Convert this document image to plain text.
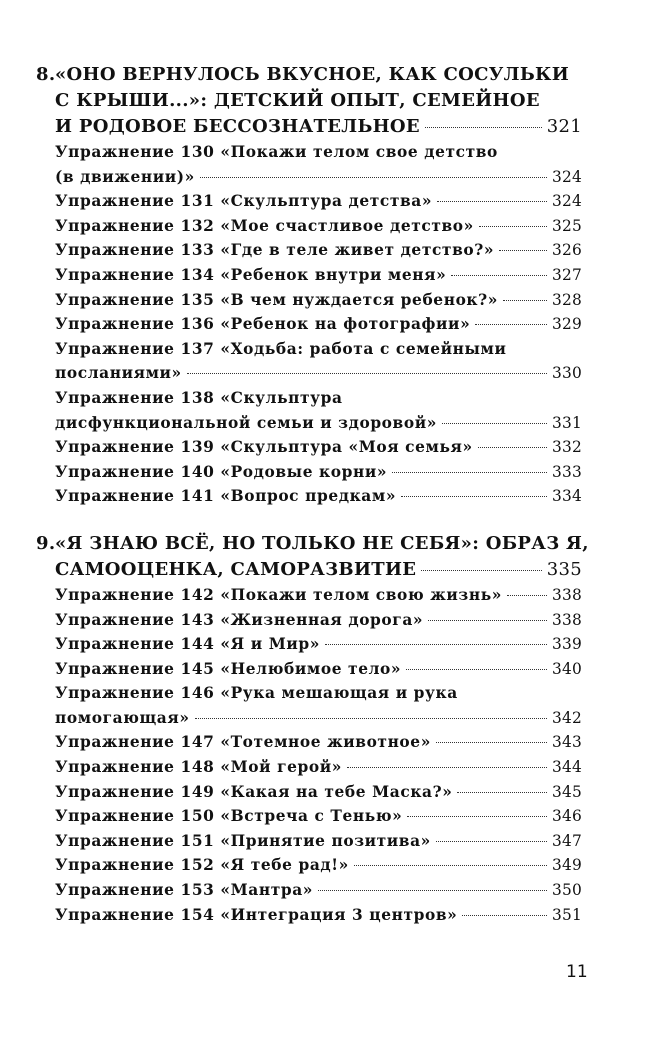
8.«ОНО ВЕРНУЛОСЬ ВКУСНОЕ, КАК СОСУЛЬКИ
С КРЫШИ...»: ДЕТСКИЙ ОПЫТ, СЕМЕЙНОЕ
И РОДОВОЕ БЕССОЗНАТЕЛЬНОЕ	321
Упражнение 130 «Покажи телом свое детство
(в движении)»	324
Упражнение 131 «Скульптура детства»	324
Упражнение 132 «Мое счастливое детство»	325
Упражнение 133 «Где в теле живет детство?»	326
Упражнение 134 «Ребенок внутри меня»	327
Упражнение 135 «В чем нуждается ребенок?»	328
Упражнение 136 «Ребенок на фотографии»	329
Упражнение 137 «Ходьба: работа с семейными
посланиями»	330
Упражнение 138 «Скульптура
дисфункциональной семьи и здоровой»	331
Упражнение 139 «Скульптура «Моя семья»	332
Упражнение 140 «Родовые корни»	333
Упражнение 141 «Вопрос предкам»	334
9.«Я ЗНАЮ ВСЁ, НО ТОЛЬКО НЕ СЕБЯ»: ОБРАЗ Я,
САМООЦЕНКА, САМОРАЗВИТИЕ	335
Упражнение 142 «Покажи телом свою жизнь»	338
Упражнение 143 «Жизненная дорога»	338
Упражнение 144 «Я и Мир»	339
Упражнение 145 «Нелюбимое тело»	340
Упражнение 146 «Рука мешающая и рука
помогающая»	342
Упражнение 147 «Тотемное животное»	343
Упражнение 148 «Мой герой»	344
Упражнение 149 «Какая на тебе Маска?»	345
Упражнение 150 «Встреча с Тенью»	346
Упражнение 151 «Принятие позитива»	347
Упражнение 152 «Я тебе рад!»	349
Упражнение 153 «Мантра»	350
Упражнение 154 «Интеграция 3 центров»	351
11
